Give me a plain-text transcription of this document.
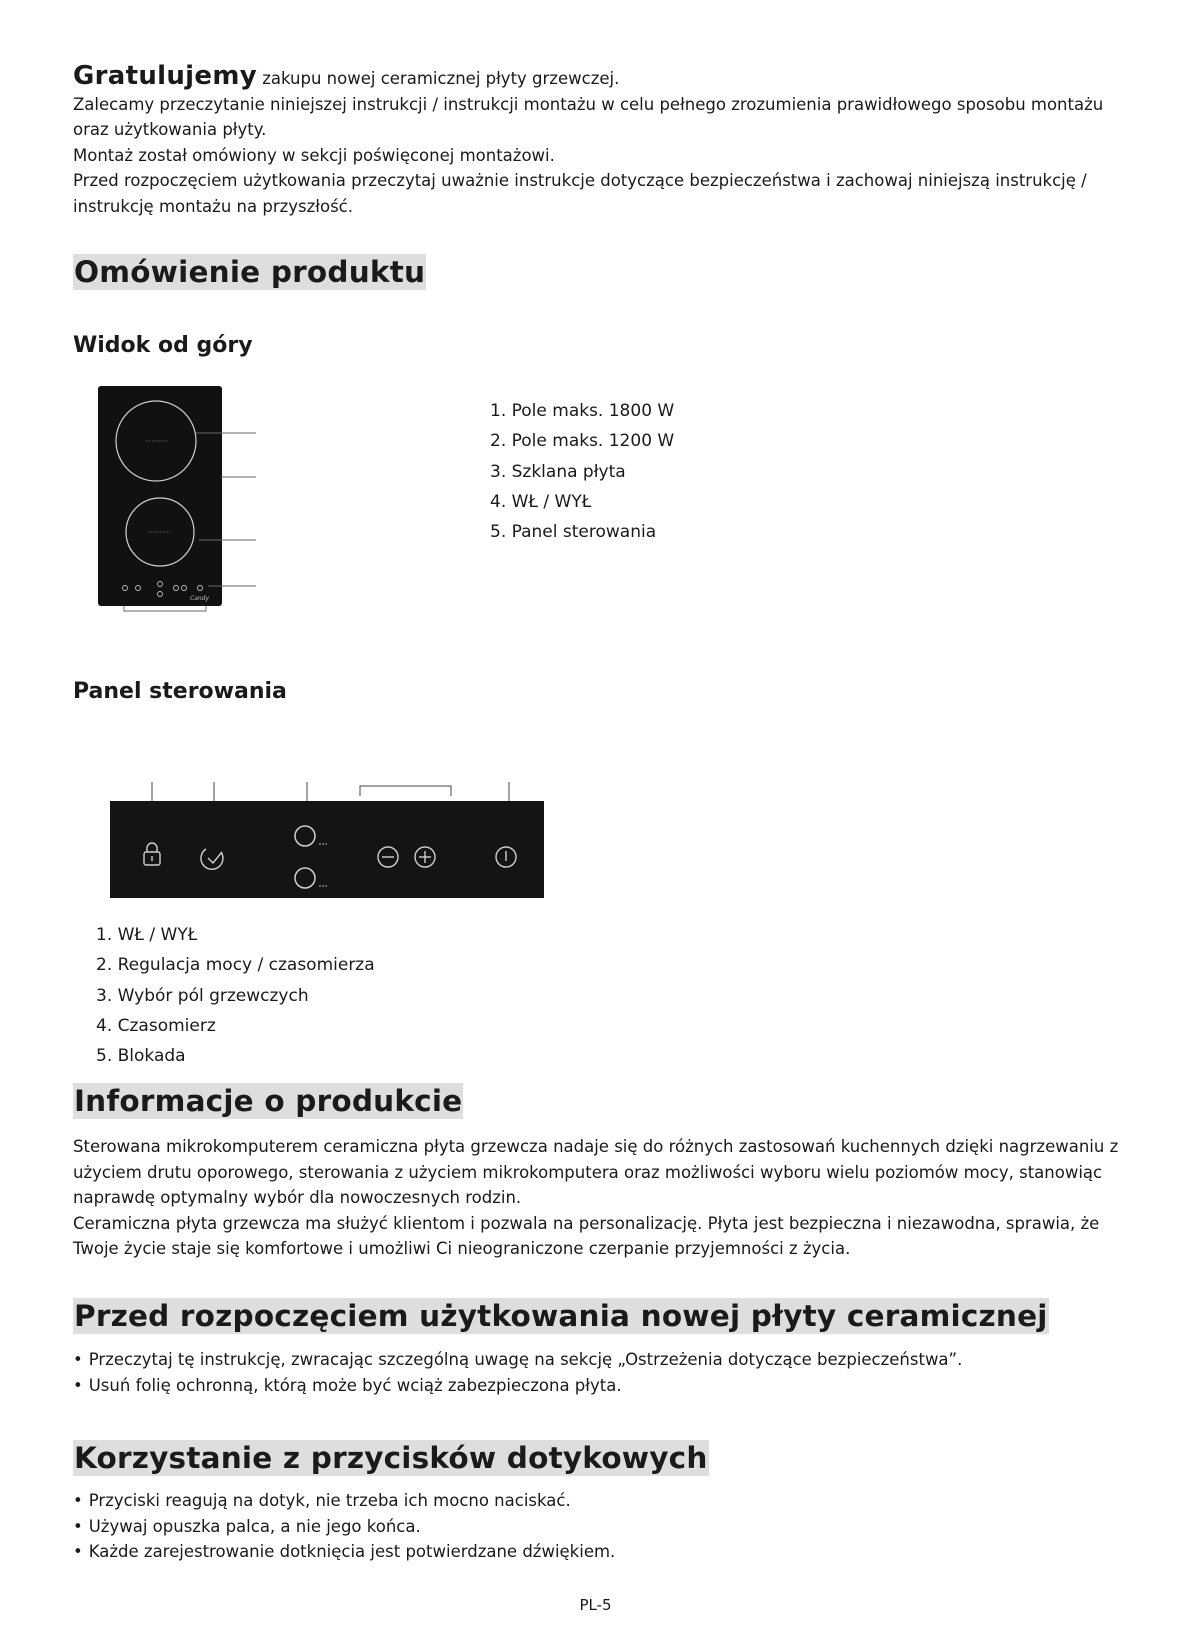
Gratulujemy zakupu nowej ceramicznej płyty grzewczej.

Zalecamy przeczytanie niniejszej instrukcji / instrukcji montażu w celu pełnego zrozumienia prawidłowego sposobu montażu oraz użytkowania płyty.

Montaż został omówiony w sekcji poświęconej montażowi.

Przed rozpoczęciem użytkowania przeczytaj uważnie instrukcje dotyczące bezpieczeństwa i zachowaj niniejszą instrukcję / instrukcję montażu na przyszłość.

Omówienie produktu
Widok od góry
Candy
1. Pole maks. 1800 W
2. Pole maks. 1200 W
3. Szklana płyta
4. WŁ / WYŁ
5. Panel sterowania
Panel sterowania
1. WŁ / WYŁ
2. Regulacja mocy / czasomierza
3. Wybór pól grzewczych
4. Czasomierz
5. Blokada
Informacje o produkcie

Sterowana mikrokomputerem ceramiczna płyta grzewcza nadaje się do różnych zastosowań kuchennych dzięki nagrzewaniu z użyciem drutu oporowego, sterowania z użyciem mikrokomputera oraz możliwości wyboru wielu poziomów mocy, stanowiąc naprawdę optymalny wybór dla nowoczesnych rodzin.

Ceramiczna płyta grzewcza ma służyć klientom i pozwala na personalizację. Płyta jest bezpieczna i niezawodna, sprawia, że Twoje życie staje się komfortowe i umożliwi Ci nieograniczone czerpanie przyjemności z życia.

Przed rozpoczęciem użytkowania nowej płyty ceramicznej
• Przeczytaj tę instrukcję, zwracając szczególną uwagę na sekcję „Ostrzeżenia dotyczące bezpieczeństwa”.
• Usuń folię ochronną, którą może być wciąż zabezpieczona płyta.
Korzystanie z przycisków dotykowych
• Przyciski reagują na dotyk, nie trzeba ich mocno naciskać.
• Używaj opuszka palca, a nie jego końca.
• Każde zarejestrowanie dotknięcia jest potwierdzane dźwiękiem.
PL-5
